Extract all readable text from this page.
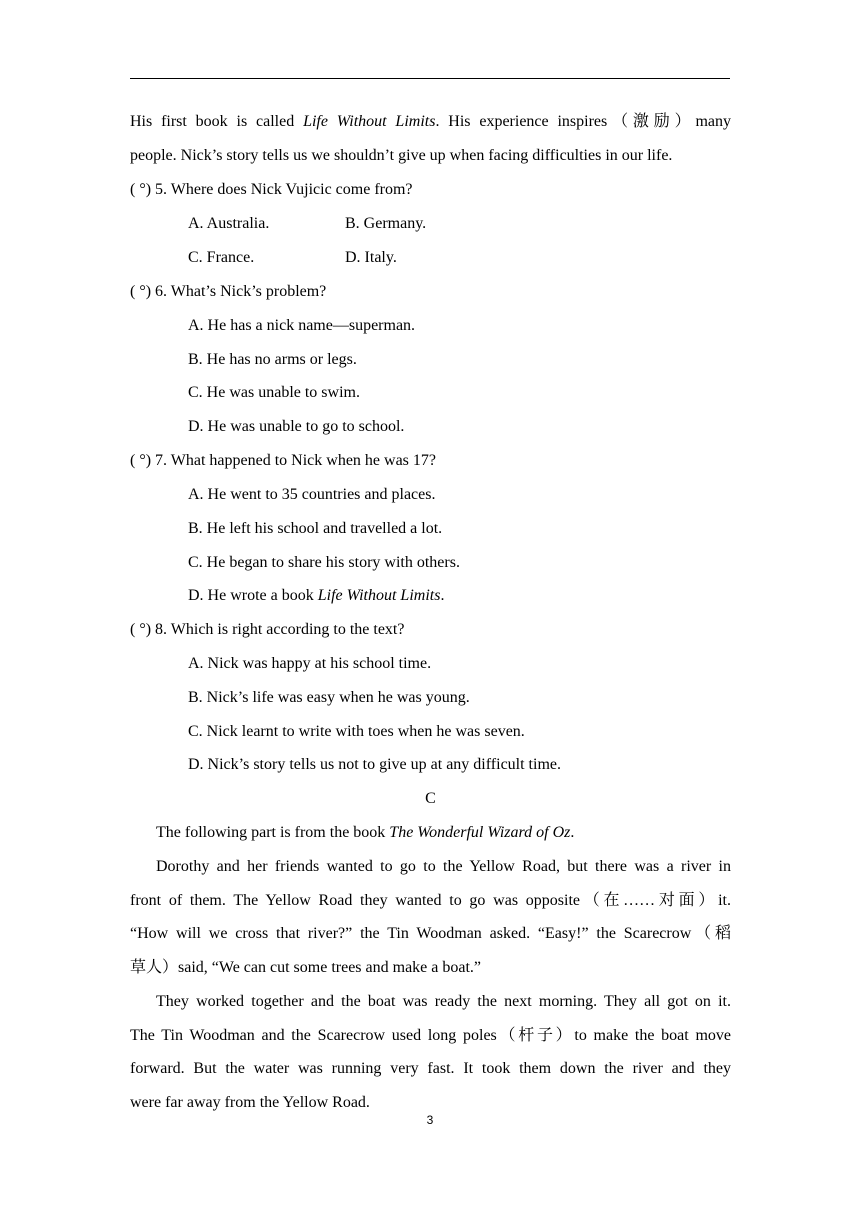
His first book is called Life Without Limits. His experience inspires（激励）many
people. Nick’s story tells us we shouldn’t give up when facing difficulties in our life.
( °) 5. Where does Nick Vujicic come from?
A. Australia.	B. Germany.
C. France.	D. Italy.
( °) 6. What’s Nick’s problem?
A. He has a nick name—superman.
B. He has no arms or legs.
C. He was unable to swim.
D. He was unable to go to school.
( °) 7. What happened to Nick when he was 17?
A. He went to 35 countries and places.
B. He left his school and travelled a lot.
C. He began to share his story with others.
D. He wrote a book Life Without Limits.
( °) 8. Which is right according to the text?
A. Nick was happy at his school time.
B. Nick’s life was easy when he was young.
C. Nick learnt to write with toes when he was seven.
D. Nick’s story tells us not to give up at any difficult time.
C
The following part is from the book The Wonderful Wizard of Oz.
Dorothy and her friends wanted to go to the Yellow Road, but there was a river in
front of them. The Yellow Road they wanted to go was opposite（在……对面）it.
“How will we cross that river?” the Tin Woodman asked. “Easy!” the Scarecrow（稻
草人）said, “We can cut some trees and make a boat.”
They worked together and the boat was ready the next morning. They all got on it.
The Tin Woodman and the Scarecrow used long poles（杆子）to make the boat move
forward. But the water was running very fast. It took them down the river and they
were far away from the Yellow Road.
3
